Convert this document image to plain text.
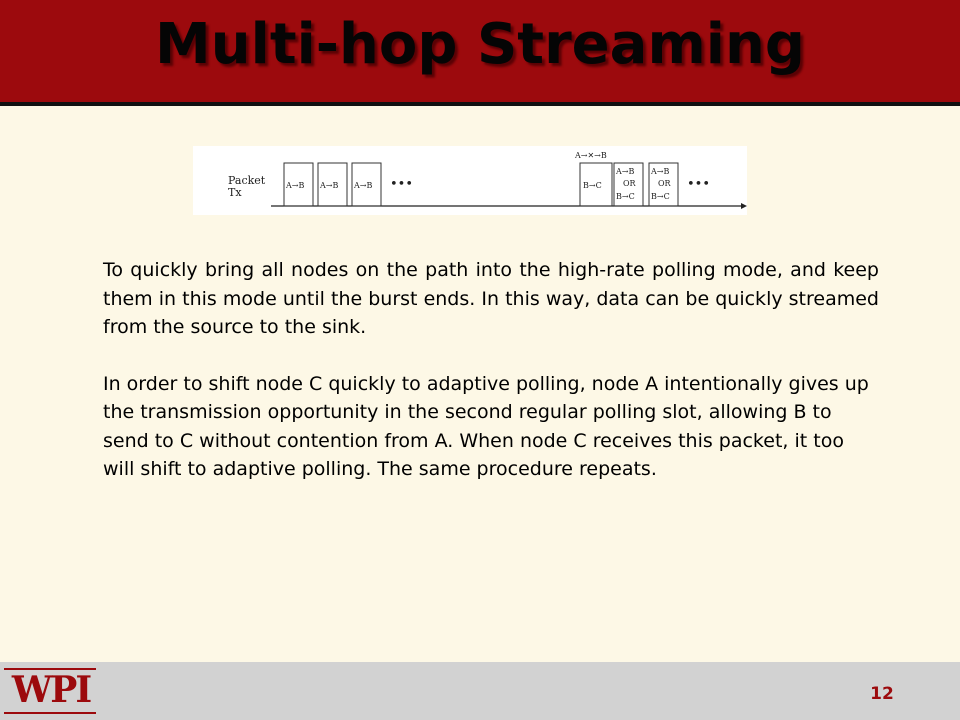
Multi-hop Streaming
Packet
Tx
A→B A→B A→B •••
A→✕→B
B→C
A→B
OR
B→C
A→B
OR
B→C
•••

To quickly bring all nodes on the path into the high-rate polling mode, and keep them in this mode until the burst ends. In this way, data can be quickly streamed from the source to the sink.

In order to shift node C quickly to adaptive polling, node A intentionally gives up the transmission opportunity in the second regular polling slot, allowing B to send to C without contention from A. When node C receives this packet, it too will shift to adaptive polling. The same procedure repeats.

WPI	12
